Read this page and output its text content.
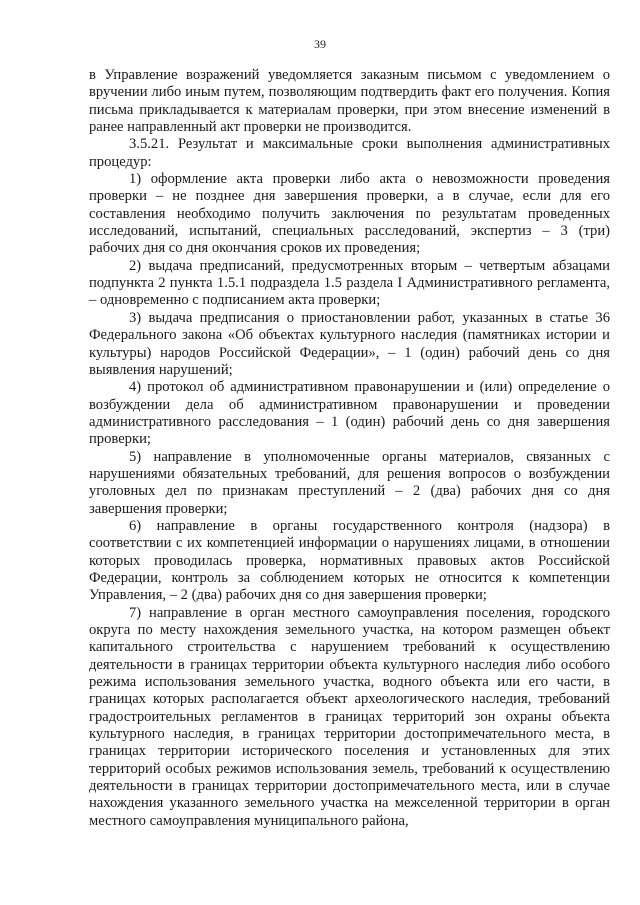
39

в Управление возражений уведомляется заказным письмом с уведомлением о вручении либо иным путем, позволяющим подтвердить факт его получения. Копия письма прикладывается к материалам проверки, при этом внесение изменений в ранее направленный акт проверки не производится.

3.5.21. Результат и максимальные сроки выполнения административных процедур:

1) оформление акта проверки либо акта о невозможности проведения проверки – не позднее дня завершения проверки, а в случае, если для его составления необходимо получить заключения по результатам проведенных исследований, испытаний, специальных расследований, экспертиз – 3 (три) рабочих дня со дня окончания сроков их проведения;

2) выдача предписаний, предусмотренных вторым – четвертым абзацами подпункта 2 пункта 1.5.1 подраздела 1.5 раздела I Административного регламента, – одновременно с подписанием акта проверки;

3) выдача предписания о приостановлении работ, указанных в статье 36 Федерального закона «Об объектах культурного наследия (памятниках истории и культуры) народов Российской Федерации», – 1 (один) рабочий день со дня выявления нарушений;

4) протокол об административном правонарушении и (или) определение о возбуждении дела об административном правонарушении и проведении административного расследования – 1 (один) рабочий день со дня завершения проверки;

5) направление в уполномоченные органы материалов, связанных с нарушениями обязательных требований, для решения вопросов о возбуждении уголовных дел по признакам преступлений – 2 (два) рабочих дня со дня завершения проверки;

6) направление в органы государственного контроля (надзора) в соответствии с их компетенцией информации о нарушениях лицами, в отношении которых проводилась проверка, нормативных правовых актов Российской Федерации, контроль за соблюдением которых не относится к компетенции Управления, – 2 (два) рабочих дня со дня завершения проверки;

7) направление в орган местного самоуправления поселения, городского округа по месту нахождения земельного участка, на котором размещен объект капитального строительства с нарушением требований к осуществлению деятельности в границах территории объекта культурного наследия либо особого режима использования земельного участка, водного объекта или его части, в границах которых располагается объект археологического наследия, требований градостроительных регламентов в границах территорий зон охраны объекта культурного наследия, в границах территории достопримечательного места, в границах территории исторического поселения и установленных для этих территорий особых режимов использования земель, требований к осуществлению деятельности в границах территории достопримечательного места, или в случае нахождения указанного земельного участка на межселенной территории в орган местного самоуправления муниципального района,
